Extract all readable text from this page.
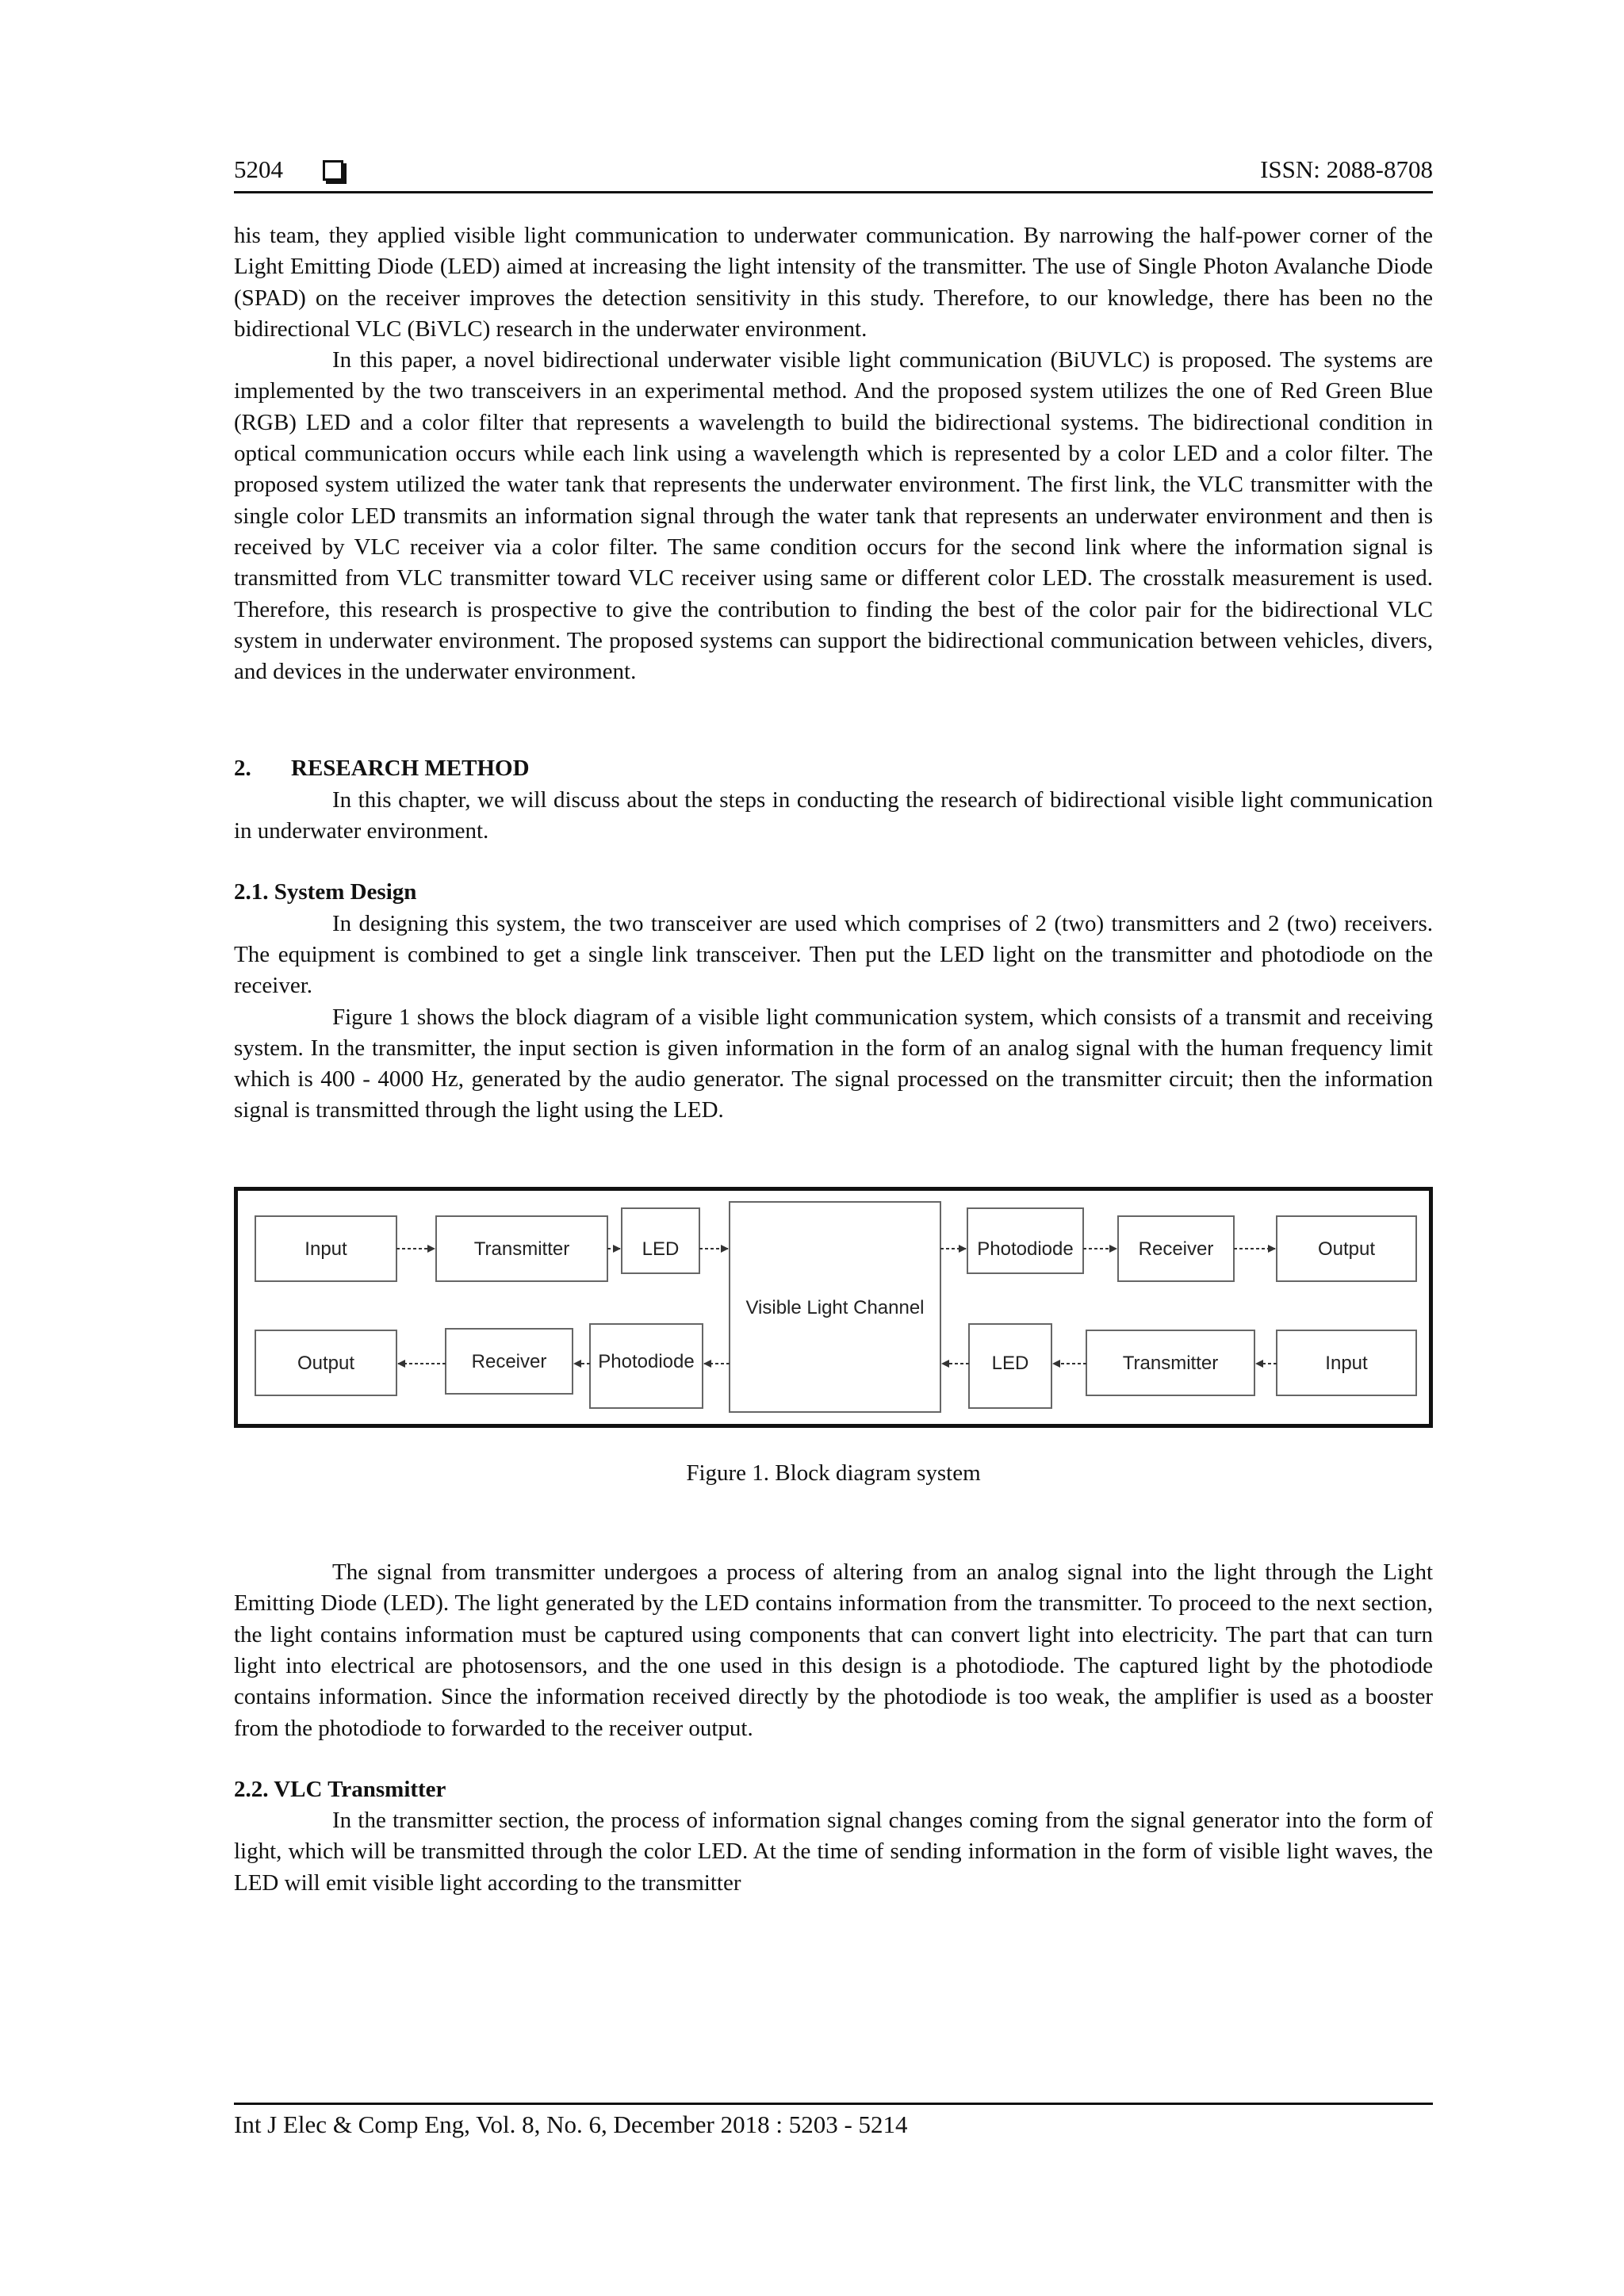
5204	ISSN: 2088-8708

his team, they applied visible light communication to underwater communication. By narrowing the half-power corner of the Light Emitting Diode (LED) aimed at increasing the light intensity of the transmitter. The use of Single Photon Avalanche Diode (SPAD) on the receiver improves the detection sensitivity in this study. Therefore, to our knowledge, there has been no the bidirectional VLC (BiVLC) research in the underwater environment.

In this paper, a novel bidirectional underwater visible light communication (BiUVLC) is proposed. The systems are implemented by the two transceivers in an experimental method. And the proposed system utilizes the one of Red Green Blue (RGB) LED and a color filter that represents a wavelength to build the bidirectional systems. The bidirectional condition in optical communication occurs while each link using a wavelength which is represented by a color LED and a color filter. The proposed system utilized the water tank that represents the underwater environment. The first link, the VLC transmitter with the single color LED transmits an information signal through the water tank that represents an underwater environment and then is received by VLC receiver via a color filter. The same condition occurs for the second link where the information signal is transmitted from VLC transmitter toward VLC receiver using same or different color LED. The crosstalk measurement is used. Therefore, this research is prospective to give the contribution to finding the best of the color pair for the bidirectional VLC system in underwater environment. The proposed systems can support the bidirectional communication between vehicles, divers, and devices in the underwater environment.

2. RESEARCH METHOD

In this chapter, we will discuss about the steps in conducting the research of bidirectional visible light communication in underwater environment.

2.1. System Design

In designing this system, the two transceiver are used which comprises of 2 (two) transmitters and 2 (two) receivers. The equipment is combined to get a single link transceiver. Then put the LED light on the transmitter and photodiode on the receiver.

Figure 1 shows the block diagram of a visible light communication system, which consists of a transmit and receiving system. In the transmitter, the input section is given information in the form of an analog signal with the human frequency limit which is 400 - 4000 Hz, generated by the audio generator. The signal processed on the transmitter circuit; then the information signal is transmitted through the light using the LED.

Input	Transmitter	LED
Visible Light Channel
Photodiode	Receiver	Output
Output	Receiver	Photodiode	LED	Transmitter	Input

Figure 1. Block diagram system

The signal from transmitter undergoes a process of altering from an analog signal into the light through the Light Emitting Diode (LED). The light generated by the LED contains information from the transmitter. To proceed to the next section, the light contains information must be captured using components that can convert light into electricity. The part that can turn light into electrical are photosensors, and the one used in this design is a photodiode. The captured light by the photodiode contains information. Since the information received directly by the photodiode is too weak, the amplifier is used as a booster from the photodiode to forwarded to the receiver output.

2.2. VLC Transmitter

In the transmitter section, the process of information signal changes coming from the signal generator into the form of light, which will be transmitted through the color LED. At the time of sending information in the form of visible light waves, the LED will emit visible light according to the transmitter

Int J Elec & Comp Eng, Vol. 8, No. 6, December 2018 : 5203 - 5214
